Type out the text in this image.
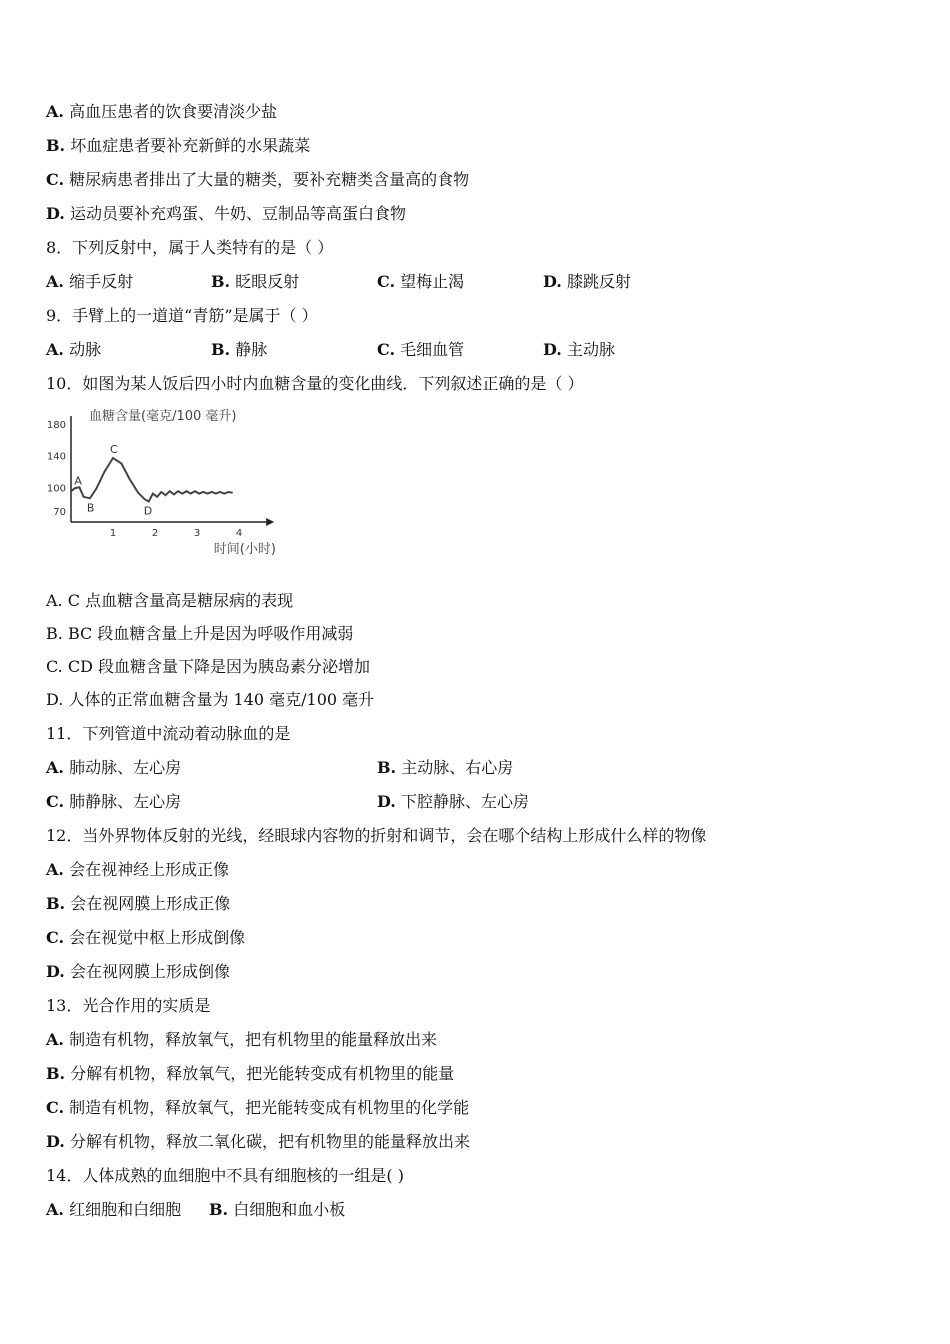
A. 高血压患者的饮食要清淡少盐
B. 坏血症患者要补充新鲜的水果蔬菜
C. 糖尿病患者排出了大量的糖类，要补充糖类含量高的食物
D. 运动员要补充鸡蛋、牛奶、豆制品等高蛋白食物
8．下列反射中，属于人类特有的是（ ）
A. 缩手反射	B. 眨眼反射	C. 望梅止渴	D. 膝跳反射
9．手臂上的一道道“青筋”是属于（ ）
A. 动脉	B. 静脉	C. 毛细血管	D. 主动脉
10．如图为某人饭后四小时内血糖含量的变化曲线．下列叙述正确的是（ ）
血糖含量(毫克/100 毫升)
时间(小时)
180
140
100
70
1	2	3	4
A
B
C
D
A. C 点血糖含量高是糖尿病的表现
B. BC 段血糖含量上升是因为呼吸作用减弱
C. CD 段血糖含量下降是因为胰岛素分泌增加
D. 人体的正常血糖含量为 140 毫克/100 毫升
11．下列管道中流动着动脉血的是
A. 肺动脉、左心房	B. 主动脉、右心房
C. 肺静脉、左心房	D. 下腔静脉、左心房
12．当外界物体反射的光线，经眼球内容物的折射和调节，会在哪个结构上形成什么样的物像
A. 会在视神经上形成正像
B. 会在视网膜上形成正像
C. 会在视觉中枢上形成倒像
D. 会在视网膜上形成倒像
13．光合作用的实质是
A. 制造有机物，释放氧气，把有机物里的能量释放出来
B. 分解有机物，释放氧气，把光能转变成有机物里的能量
C. 制造有机物，释放氧气，把光能转变成有机物里的化学能
D. 分解有机物，释放二氧化碳，把有机物里的能量释放出来
14．人体成熟的血细胞中不具有细胞核的一组是( )
A. 红细胞和白细胞 B. 白细胞和血小板
